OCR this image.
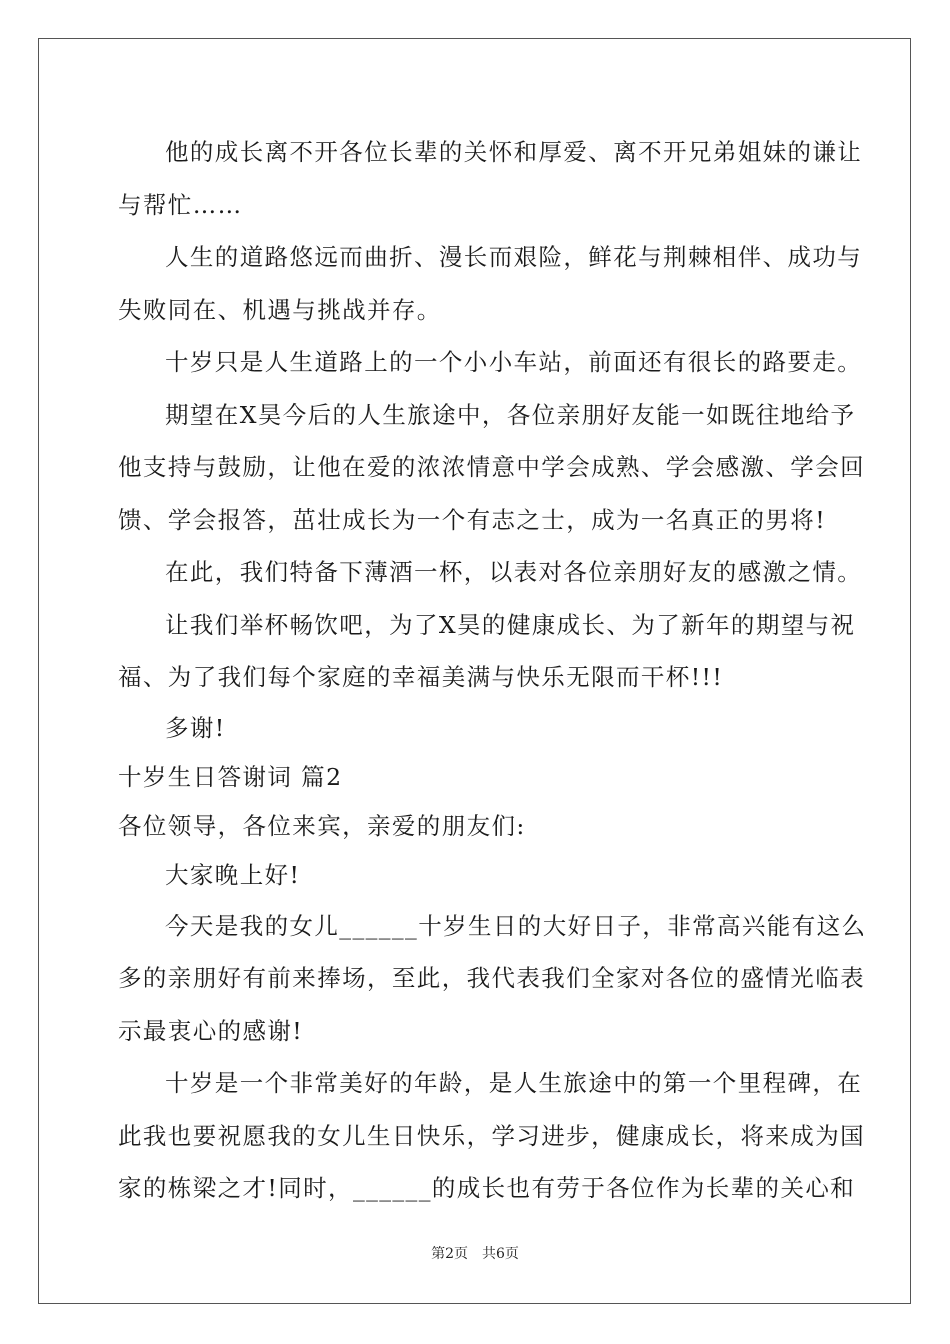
他的成长离不开各位长辈的关怀和厚爱、离不开兄弟姐妹的谦让
与帮忙……
人生的道路悠远而曲折、漫长而艰险，鲜花与荆棘相伴、成功与
失败同在、机遇与挑战并存。
十岁只是人生道路上的一个小小车站，前面还有很长的路要走。
期望在X昊今后的人生旅途中，各位亲朋好友能一如既往地给予
他支持与鼓励，让他在爱的浓浓情意中学会成熟、学会感激、学会回
馈、学会报答，茁壮成长为一个有志之士，成为一名真正的男将!
在此，我们特备下薄酒一杯，以表对各位亲朋好友的感激之情。
让我们举杯畅饮吧，为了X昊的健康成长、为了新年的期望与祝
福、为了我们每个家庭的幸福美满与快乐无限而干杯!!!
多谢!
十岁生日答谢词 篇2
各位领导，各位来宾，亲爱的朋友们:
大家晚上好!
今天是我的女儿______十岁生日的大好日子，非常高兴能有这么
多的亲朋好有前来捧场，至此，我代表我们全家对各位的盛情光临表
示最衷心的感谢!
十岁是一个非常美好的年龄，是人生旅途中的第一个里程碑，在
此我也要祝愿我的女儿生日快乐，学习进步，健康成长，将来成为国
家的栋梁之才!同时，______的成长也有劳于各位作为长辈的关心和
第2页 共6页
